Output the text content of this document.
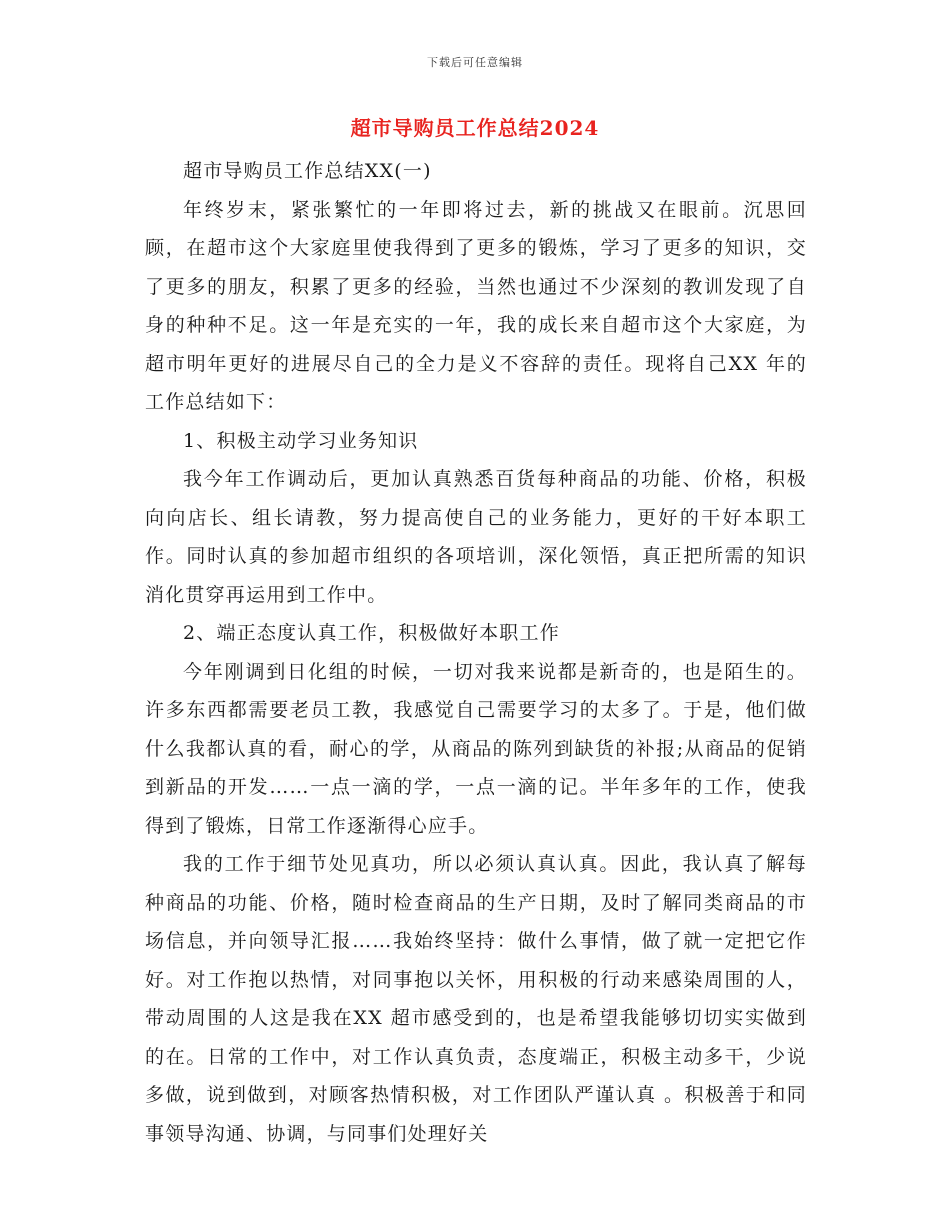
下载后可任意编辑
超市导购员工作总结2024

超市导购员工作总结XX(一)

年终岁末，紧张繁忙的一年即将过去，新的挑战又在眼前。沉思回顾，在超市这个大家庭里使我得到了更多的锻炼，学习了更多的知识，交了更多的朋友，积累了更多的经验，当然也通过不少深刻的教训发现了自身的种种不足。这一年是充实的一年，我的成长来自超市这个大家庭，为超市明年更好的进展尽自己的全力是义不容辞的责任。现将自己XX 年的工作总结如下：

1、积极主动学习业务知识

我今年工作调动后，更加认真熟悉百货每种商品的功能、价格，积极向向店长、组长请教，努力提高使自己的业务能力，更好的干好本职工作。同时认真的参加超市组织的各项培训，深化领悟，真正把所需的知识消化贯穿再运用到工作中。

2、端正态度认真工作，积极做好本职工作

今年刚调到日化组的时候，一切对我来说都是新奇的，也是陌生的。许多东西都需要老员工教，我感觉自己需要学习的太多了。于是，他们做什么我都认真的看，耐心的学，从商品的陈列到缺货的补报;从商品的促销到新品的开发……一点一滴的学，一点一滴的记。半年多年的工作，使我得到了锻炼，日常工作逐渐得心应手。

我的工作于细节处见真功，所以必须认真认真。因此，我认真了解每种商品的功能、价格，随时检查商品的生产日期，及时了解同类商品的市场信息，并向领导汇报……我始终坚持：做什么事情，做了就一定把它作好。对工作抱以热情，对同事抱以关怀，用积极的行动来感染周围的人，带动周围的人这是我在XX 超市感受到的，也是希望我能够切切实实做到的在。日常的工作中，对工作认真负责，态度端正，积极主动多干，少说多做，说到做到，对顾客热情积极，对工作团队严谨认真 。积极善于和同事领导沟通、协调，与同事们处理好关
